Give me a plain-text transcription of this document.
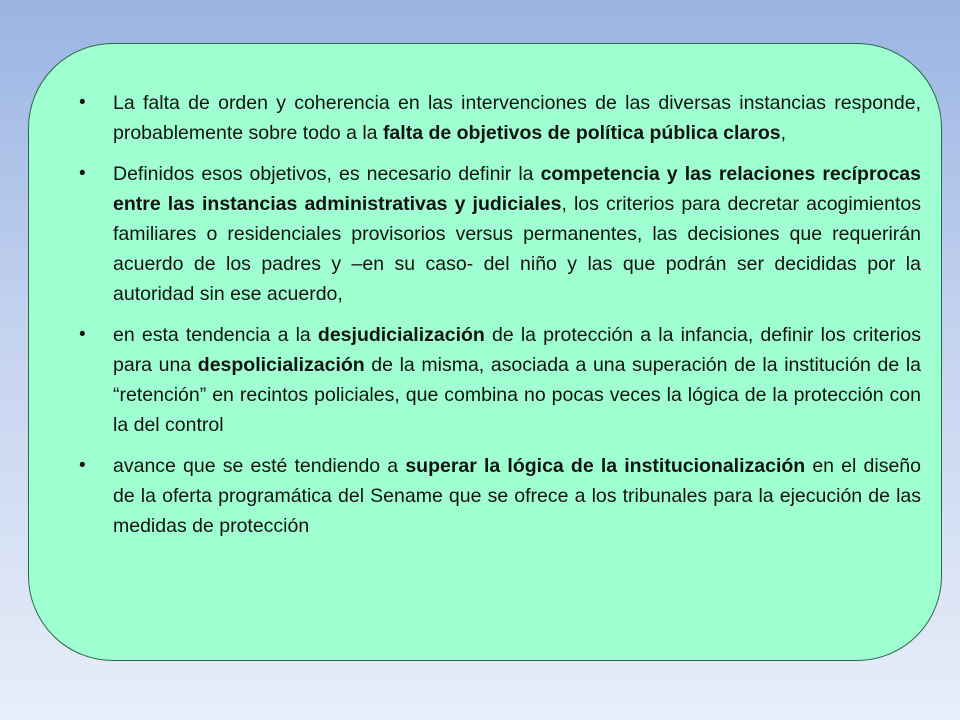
• La falta de orden y coherencia en las intervenciones de las diversas instancias responde, probablemente sobre todo a la falta de objetivos de política pública claros,
• Definidos esos objetivos, es necesario definir la competencia y las relaciones recíprocas entre las instancias administrativas y judiciales, los criterios para decretar acogimientos familiares o residenciales provisorios versus permanentes, las decisiones que requerirán acuerdo de los padres y –en su caso- del niño y las que podrán ser decididas por la autoridad sin ese acuerdo,
• en esta tendencia a la desjudicialización de la protección a la infancia, definir los criterios para una despolicialización de la misma, asociada a una superación de la institución de la “retención” en recintos policiales, que combina no pocas veces la lógica de la protección con la del control
• avance que se esté tendiendo a superar la lógica de la institucionalización en el diseño de la oferta programática del Sename que se ofrece a los tribunales para la ejecución de las medidas de protección
